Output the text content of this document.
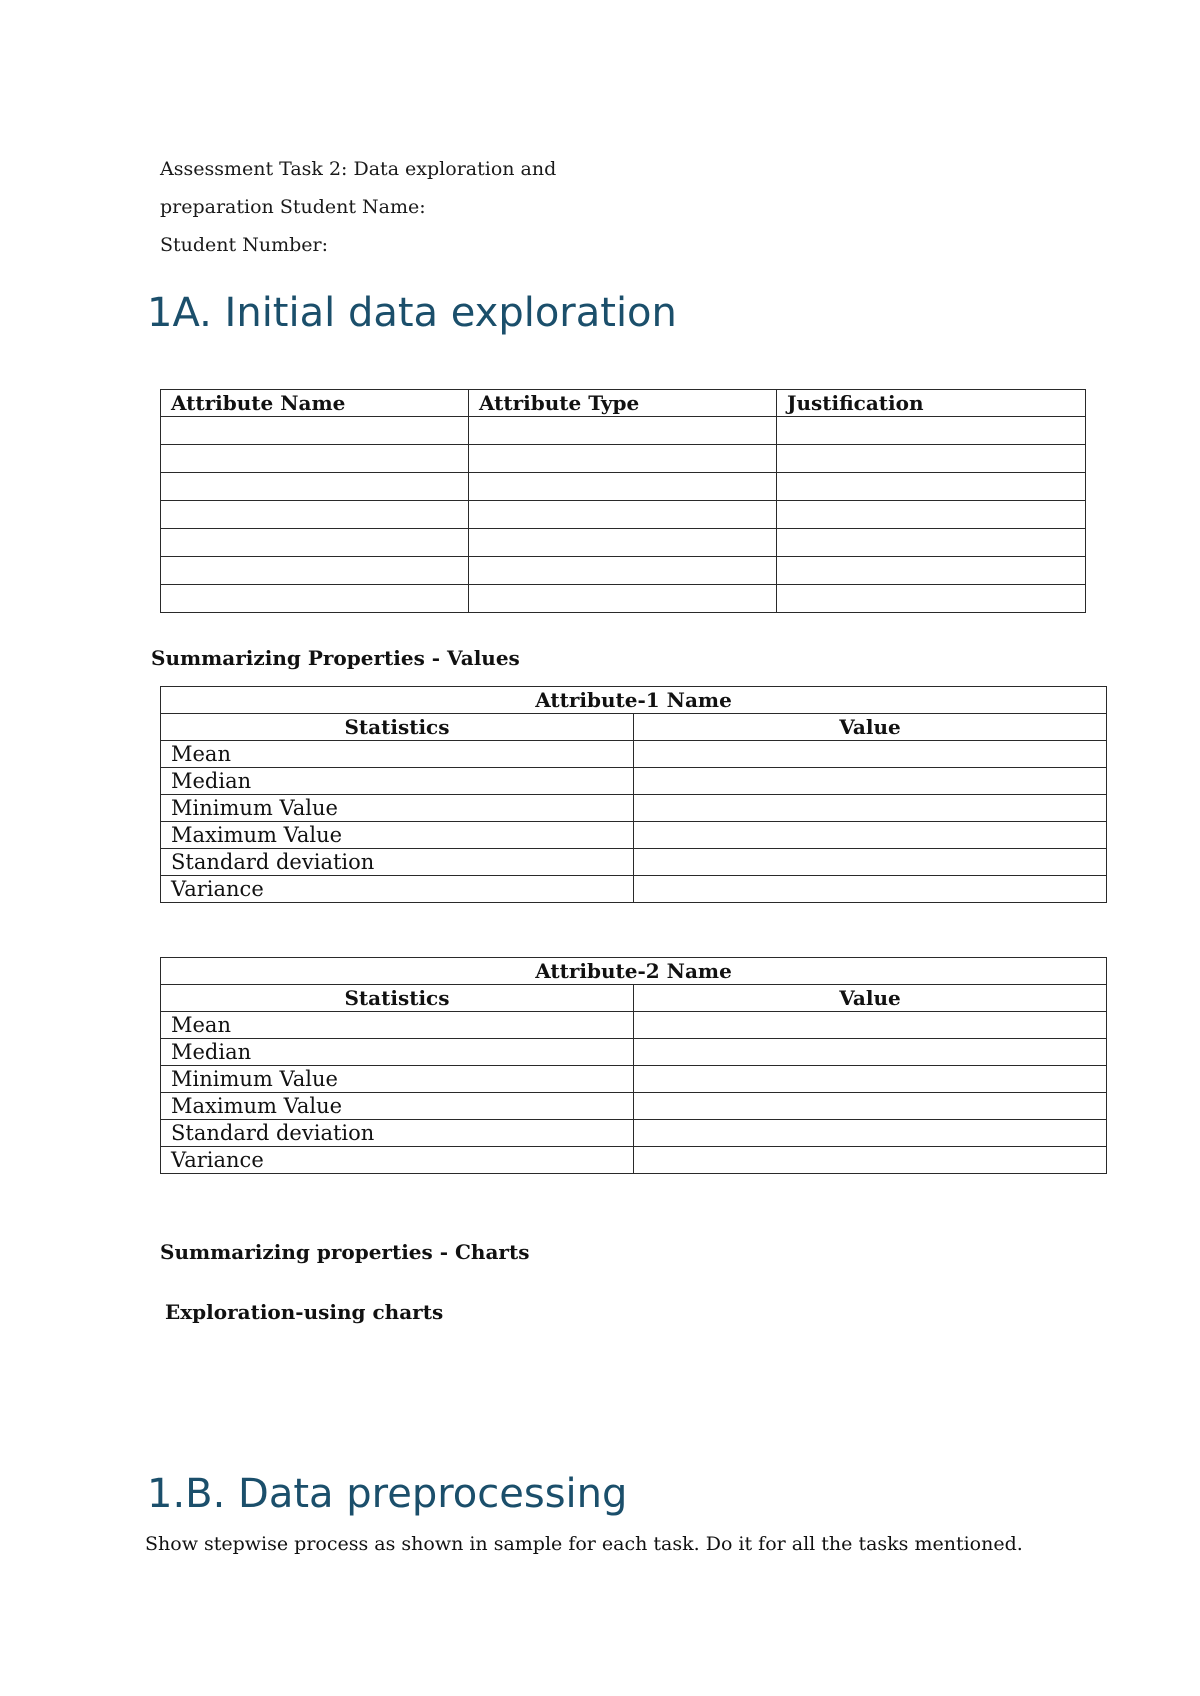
Assessment Task 2: Data exploration and
preparation Student Name:
Student Number:
1A. Initial data exploration
Attribute Name	Attribute Type	Justification

Summarizing Properties - Values
Attribute-1 Name	
Statistics	Value
Mean	
Median	
Minimum Value	
Maximum Value	
Standard deviation	
Variance	
Attribute-2 Name	
Statistics	Value
Mean	
Median	
Minimum Value	
Maximum Value	
Standard deviation	
Variance	
Summarizing properties - Charts
Exploration-using charts
1.B. Data preprocessing
Show stepwise process as shown in sample for each task. Do it for all the tasks mentioned.
